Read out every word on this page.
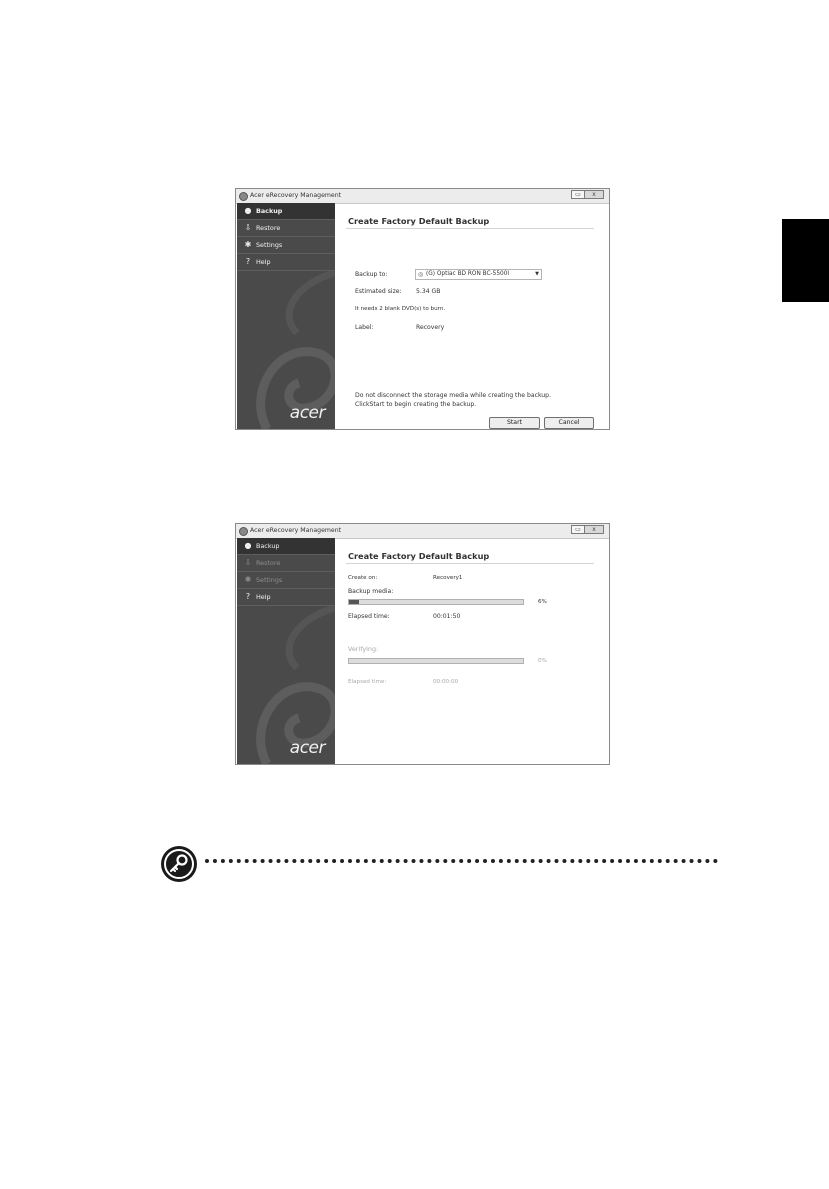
Acer eRecovery Management	▭	x
● Backup
⇩ Restore
✱ Settings
? Help
acer
Create Factory Default Backup
Backup to:	◎ (G) Optiac BD RON BC-5500I	▼
Estimated size: 5.34 GB
It needs 2 blank DVD(s) to burn.
Label:	Recovery
Do not disconnect the storage media while creating the backup.
ClickStart to begin creating the backup.
Start	Cancel
Acer eRecovery Management	▭	x
● Backup
⇩ Restore
✱ Settings
? Help
acer
Create Factory Default Backup
Create on:	Recovery1
Backup media:
6%
Elapsed time:	00:01:50
Verifying:
0%
Elapsed time:	00:00:00
